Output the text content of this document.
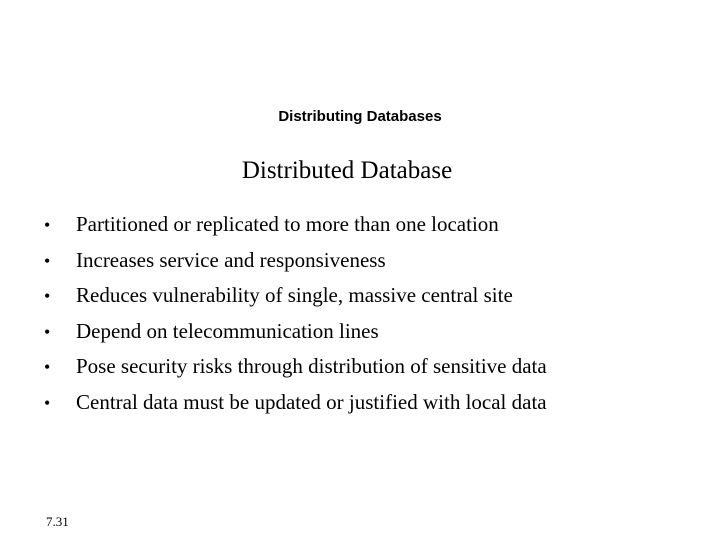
Distributing Databases
Distributed Database
•	Partitioned or replicated to more than one location
•	Increases service and responsiveness
•	Reduces vulnerability of single, massive central site
•	Depend on telecommunication lines
•	Pose security risks through distribution of sensitive data
•	Central data must be updated or justified with local data
7.31
